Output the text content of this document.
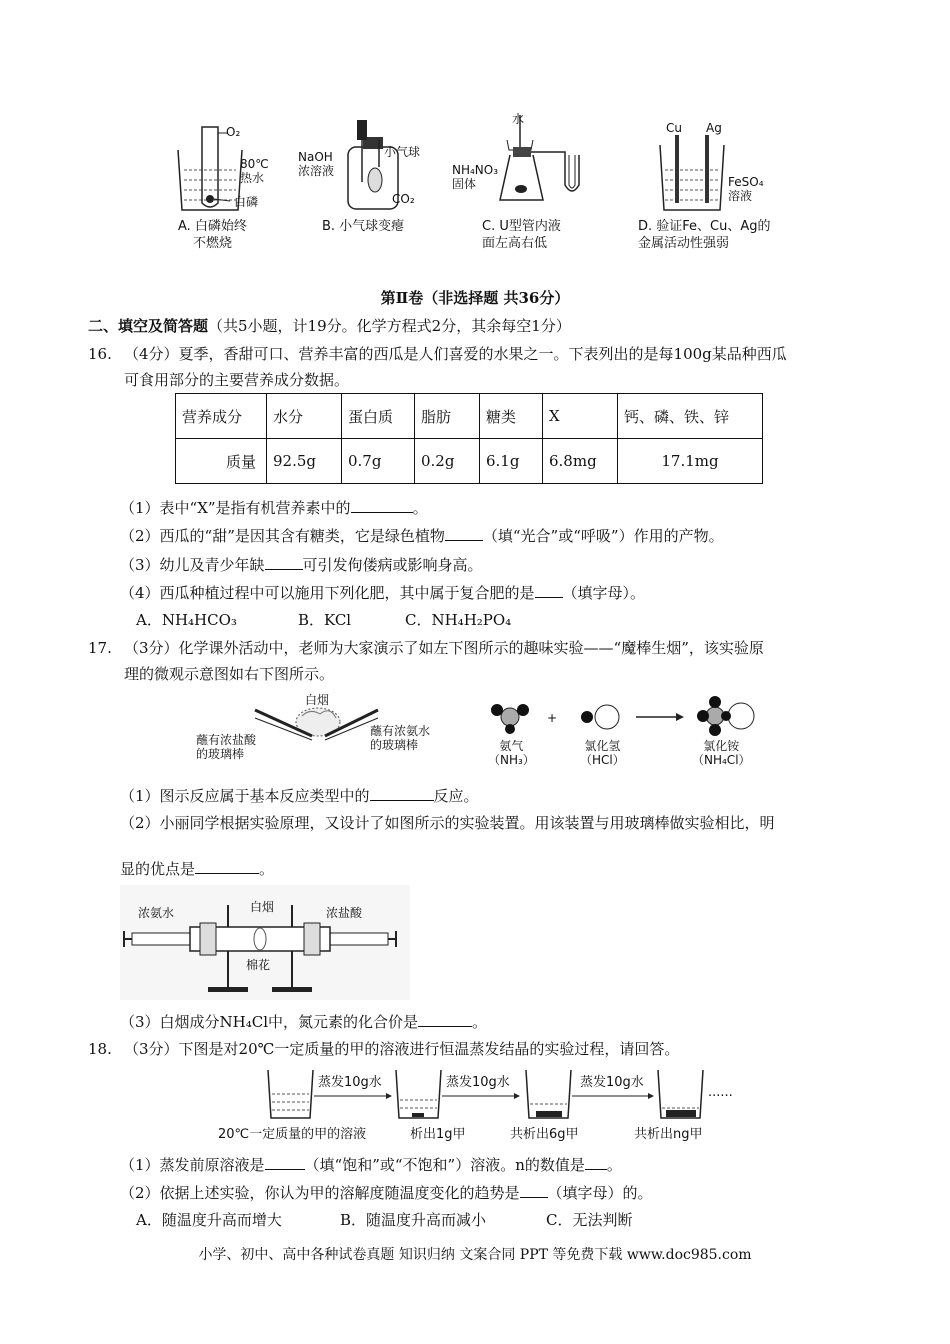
O₂
80℃
热水
白磷
A. 白磷始终
不燃烧
NaOH
浓溶液
小气球
CO₂
B. 小气球变瘪
水
NH₄NO₃
固体
C. U型管内液
面左高右低
Cu Ag
FeSO₄
溶液
D. 验证Fe、Cu、Ag的
金属活动性强弱
第Ⅱ卷（非选择题 共36分）
二、填空及简答题（共5小题，计19分。化学方程式2分，其余每空1分）
16. （4分）夏季，香甜可口、营养丰富的西瓜是人们喜爱的水果之一。下表列出的是每100g某品种西瓜
可食用部分的主要营养成分数据。
营养成分	水分	蛋白质	脂肪	糖类	X	钙、磷、铁、锌
质量	92.5g	0.7g	0.2g	6.1g	6.8mg	17.1mg
（1）表中“X”是指有机营养素中的	。
（2）西瓜的“甜”是因其含有糖类，它是绿色植物	（填“光合”或“呼吸”）作用的产物。
（3）幼儿及青少年缺	可引发佝偻病或影响身高。
（4）西瓜种植过程中可以施用下列化肥，其中属于复合肥的是 （填字母）。
A．NH₄HCO₃	B．KCl	C．NH₄H₂PO₄
17. （3分）化学课外活动中，老师为大家演示了如左下图所示的趣味实验——“魔棒生烟”，该实验原
理的微观示意图如右下图所示。
白烟
蘸有浓盐酸
的玻璃棒
蘸有浓氨水
的玻璃棒
+
氨气
（NH₃）
氯化氢
（HCl）
氯化铵
（NH₄Cl）
（1）图示反应属于基本反应类型中的	反应。
（2）小丽同学根据实验原理，又设计了如图所示的实验装置。用该装置与用玻璃棒做实验相比，明
显的优点是	。
浓氨水	白烟	浓盐酸
棉花
（3）白烟成分NH₄Cl中，氮元素的化合价是	。
18. （3分）下图是对20℃一定质量的甲的溶液进行恒温蒸发结晶的实验过程，请回答。
蒸发10g水	蒸发10g水	蒸发10g水
......
20℃一定质量的甲的溶液	析出1g甲	共析出6g甲	共析出ng甲
（1）蒸发前原溶液是	（填“饱和”或“不饱和”）溶液。n的数值是 。
（2）依据上述实验，你认为甲的溶解度随温度变化的趋势是 （填字母）的。
A．随温度升高而增大	B．随温度升高而减小	C．无法判断
小学、初中、高中各种试卷真题 知识归纳 文案合同 PPT 等免费下载 www.doc985.com
